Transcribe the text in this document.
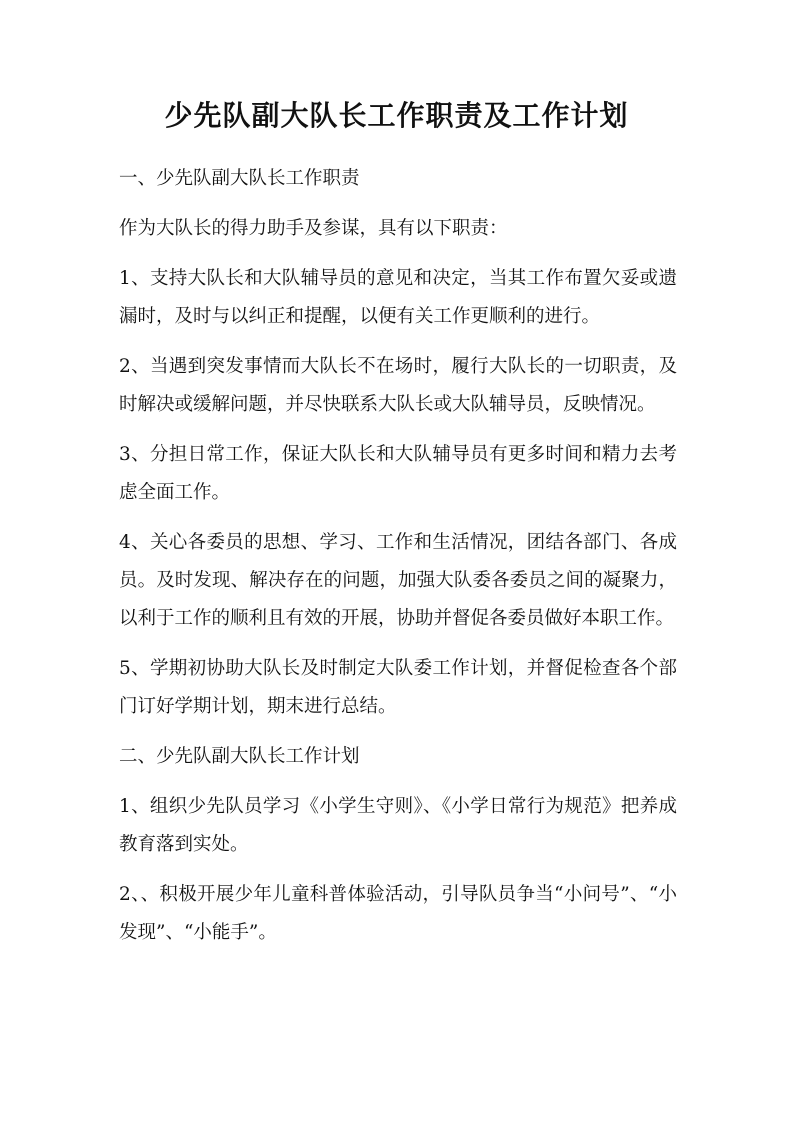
少先队副大队长工作职责及工作计划

一、少先队副大队长工作职责

作为大队长的得力助手及参谋，具有以下职责：

1、支持大队长和大队辅导员的意见和决定，当其工作布置欠妥或遗漏时，及时与以纠正和提醒，以便有关工作更顺利的进行。

2、当遇到突发事情而大队长不在场时，履行大队长的一切职责，及时解决或缓解问题，并尽快联系大队长或大队辅导员，反映情况。

3、分担日常工作，保证大队长和大队辅导员有更多时间和精力去考虑全面工作。

4、关心各委员的思想、学习、工作和生活情况，团结各部门、各成员。及时发现、解决存在的问题，加强大队委各委员之间的凝聚力，以利于工作的顺利且有效的开展，协助并督促各委员做好本职工作。

5、学期初协助大队长及时制定大队委工作计划，并督促检查各个部门订好学期计划，期末进行总结。

二、少先队副大队长工作计划

1、组织少先队员学习《小学生守则》、《小学日常行为规范》把养成教育落到实处。

2、、积极开展少年儿童科普体验活动，引导队员争当“小问号”、“小发现”、“小能手”。
